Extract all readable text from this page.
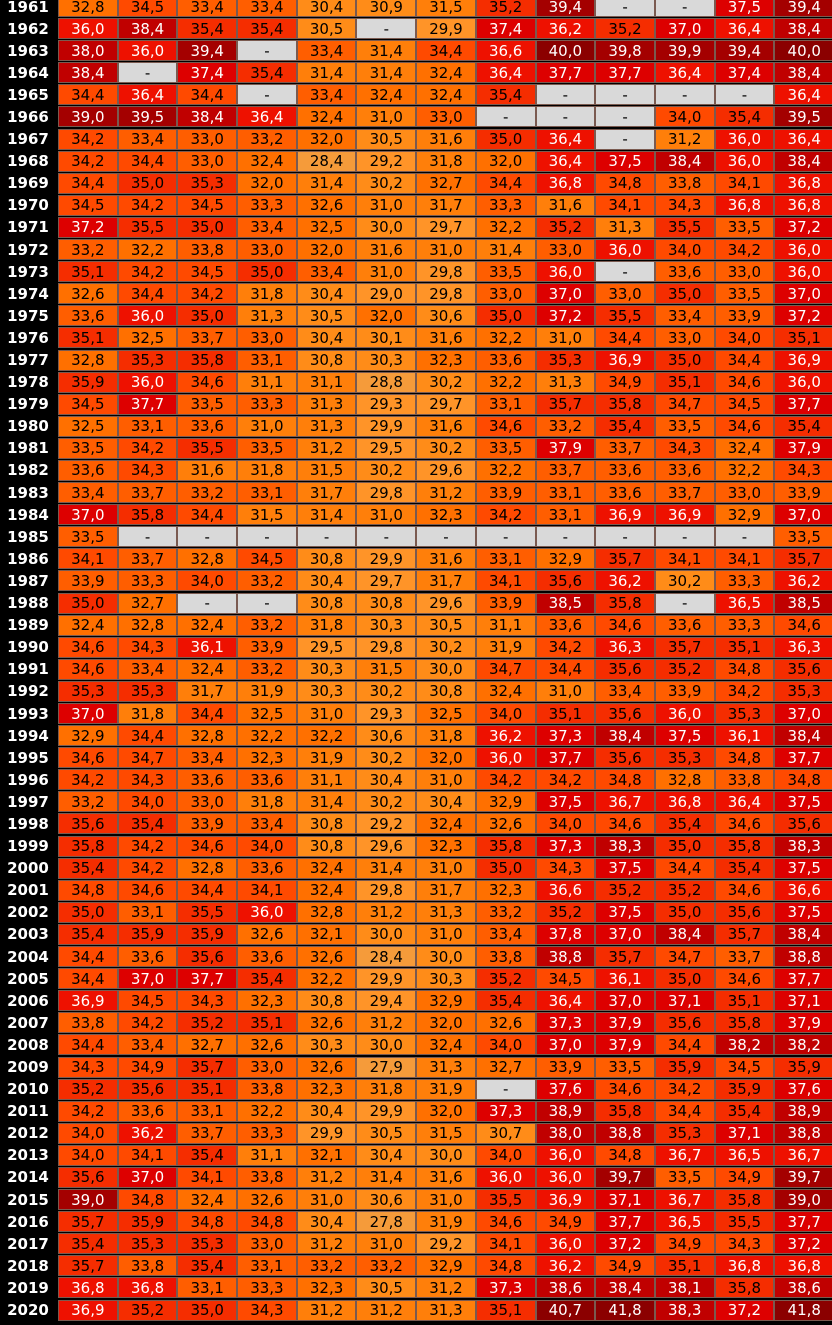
1961	32,8	34,5	33,4	33,4	30,4	30,9	31,5	35,2	39,4	-	-	37,5	39,4
1962	36,0	38,4	35,4	35,4	30,5	-	29,9	37,4	36,2	35,2	37,0	36,4	38,4
1963	38,0	36,0	39,4	-	33,4	31,4	34,4	36,6	40,0	39,8	39,9	39,4	40,0
1964	38,4	-	37,4	35,4	31,4	31,4	32,4	36,4	37,7	37,7	36,4	37,4	38,4
1965	34,4	36,4	34,4	-	33,4	32,4	32,4	35,4	-	-	-	-	36,4
1966	39,0	39,5	38,4	36,4	32,4	31,0	33,0	-	-	-	34,0	35,4	39,5
1967	34,2	33,4	33,0	33,2	32,0	30,5	31,6	35,0	36,4	-	31,2	36,0	36,4
1968	34,2	34,4	33,0	32,4	28,4	29,2	31,8	32,0	36,4	37,5	38,4	36,0	38,4
1969	34,4	35,0	35,3	32,0	31,4	30,2	32,7	34,4	36,8	34,8	33,8	34,1	36,8
1970	34,5	34,2	34,5	33,3	32,6	31,0	31,7	33,3	31,6	34,1	34,3	36,8	36,8
1971	37,2	35,5	35,0	33,4	32,5	30,0	29,7	32,2	35,2	31,3	35,5	33,5	37,2
1972	33,2	32,2	33,8	33,0	32,0	31,6	31,0	31,4	33,0	36,0	34,0	34,2	36,0
1973	35,1	34,2	34,5	35,0	33,4	31,0	29,8	33,5	36,0	-	33,6	33,0	36,0
1974	32,6	34,4	34,2	31,8	30,4	29,0	29,8	33,0	37,0	33,0	35,0	33,5	37,0
1975	33,6	36,0	35,0	31,3	30,5	32,0	30,6	35,0	37,2	35,5	33,4	33,9	37,2
1976	35,1	32,5	33,7	33,0	30,4	30,1	31,6	32,2	31,0	34,4	33,0	34,0	35,1
1977	32,8	35,3	35,8	33,1	30,8	30,3	32,3	33,6	35,3	36,9	35,0	34,4	36,9
1978	35,9	36,0	34,6	31,1	31,1	28,8	30,2	32,2	31,3	34,9	35,1	34,6	36,0
1979	34,5	37,7	33,5	33,3	31,3	29,3	29,7	33,1	35,7	35,8	34,7	34,5	37,7
1980	32,5	33,1	33,6	31,0	31,3	29,9	31,6	34,6	33,2	35,4	33,5	34,6	35,4
1981	33,5	34,2	35,5	33,5	31,2	29,5	30,2	33,5	37,9	33,7	34,3	32,4	37,9
1982	33,6	34,3	31,6	31,8	31,5	30,2	29,6	32,2	33,7	33,6	33,6	32,2	34,3
1983	33,4	33,7	33,2	33,1	31,7	29,8	31,2	33,9	33,1	33,6	33,7	33,0	33,9
1984	37,0	35,8	34,4	31,5	31,4	31,0	32,3	34,2	33,1	36,9	36,9	32,9	37,0
1985	33,5	-	-	-	-	-	-	-	-	-	-	-	33,5
1986	34,1	33,7	32,8	34,5	30,8	29,9	31,6	33,1	32,9	35,7	34,1	34,1	35,7
1987	33,9	33,3	34,0	33,2	30,4	29,7	31,7	34,1	35,6	36,2	30,2	33,3	36,2
1988	35,0	32,7	-	-	30,8	30,8	29,6	33,9	38,5	35,8	-	36,5	38,5
1989	32,4	32,8	32,4	33,2	31,8	30,3	30,5	31,1	33,6	34,6	33,6	33,3	34,6
1990	34,6	34,3	36,1	33,9	29,5	29,8	30,2	31,9	34,2	36,3	35,7	35,1	36,3
1991	34,6	33,4	32,4	33,2	30,3	31,5	30,0	34,7	34,4	35,6	35,2	34,8	35,6
1992	35,3	35,3	31,7	31,9	30,3	30,2	30,8	32,4	31,0	33,4	33,9	34,2	35,3
1993	37,0	31,8	34,4	32,5	31,0	29,3	32,5	34,0	35,1	35,6	36,0	35,3	37,0
1994	32,9	34,4	32,8	32,2	32,2	30,6	31,8	36,2	37,3	38,4	37,5	36,1	38,4
1995	34,6	34,7	33,4	32,3	31,9	30,2	32,0	36,0	37,7	35,6	35,3	34,8	37,7
1996	34,2	34,3	33,6	33,6	31,1	30,4	31,0	34,2	34,2	34,8	32,8	33,8	34,8
1997	33,2	34,0	33,0	31,8	31,4	30,2	30,4	32,9	37,5	36,7	36,8	36,4	37,5
1998	35,6	35,4	33,9	33,4	30,8	29,2	32,4	32,6	34,0	34,6	35,4	34,6	35,6
1999	35,8	34,2	34,6	34,0	30,8	29,6	32,3	35,8	37,3	38,3	35,0	35,8	38,3
2000	35,4	34,2	32,8	33,6	32,4	31,4	31,0	35,0	34,3	37,5	34,4	35,4	37,5
2001	34,8	34,6	34,4	34,1	32,4	29,8	31,7	32,3	36,6	35,2	35,2	34,6	36,6
2002	35,0	33,1	35,5	36,0	32,8	31,2	31,3	33,2	35,2	37,5	35,0	35,6	37,5
2003	35,4	35,9	35,9	32,6	32,1	30,0	31,0	33,4	37,8	37,0	38,4	35,7	38,4
2004	34,4	33,6	35,6	33,6	32,6	28,4	30,0	33,8	38,8	35,7	34,7	33,7	38,8
2005	34,4	37,0	37,7	35,4	32,2	29,9	30,3	35,2	34,5	36,1	35,0	34,6	37,7
2006	36,9	34,5	34,3	32,3	30,8	29,4	32,9	35,4	36,4	37,0	37,1	35,1	37,1
2007	33,8	34,2	35,2	35,1	32,6	31,2	32,0	32,6	37,3	37,9	35,6	35,8	37,9
2008	34,4	33,4	32,7	32,6	30,3	30,0	32,4	34,0	37,0	37,9	34,4	38,2	38,2
2009	34,3	34,9	35,7	33,0	32,6	27,9	31,3	32,7	33,9	33,5	35,9	34,5	35,9
2010	35,2	35,6	35,1	33,8	32,3	31,8	31,9	-	37,6	34,6	34,2	35,9	37,6
2011	34,2	33,6	33,1	32,2	30,4	29,9	32,0	37,3	38,9	35,8	34,4	35,4	38,9
2012	34,0	36,2	33,7	33,3	29,9	30,5	31,5	30,7	38,0	38,8	35,3	37,1	38,8
2013	34,0	34,1	35,4	31,1	32,1	30,4	30,0	34,0	36,0	34,8	36,7	36,5	36,7
2014	35,6	37,0	34,1	33,8	31,2	31,4	31,6	36,0	36,0	39,7	33,5	34,9	39,7
2015	39,0	34,8	32,4	32,6	31,0	30,6	31,0	35,5	36,9	37,1	36,7	35,8	39,0
2016	35,7	35,9	34,8	34,8	30,4	27,8	31,9	34,6	34,9	37,7	36,5	35,5	37,7
2017	35,4	35,3	35,3	33,0	31,2	31,0	29,2	34,1	36,0	37,2	34,9	34,3	37,2
2018	35,7	33,8	35,4	33,1	33,2	33,2	32,9	34,8	36,2	34,9	35,1	36,8	36,8
2019	36,8	36,8	33,1	33,3	32,3	30,5	31,2	37,3	38,6	38,4	38,1	35,8	38,6
2020	36,9	35,2	35,0	34,3	31,2	31,2	31,3	35,1	40,7	41,8	38,3	37,2	41,8
